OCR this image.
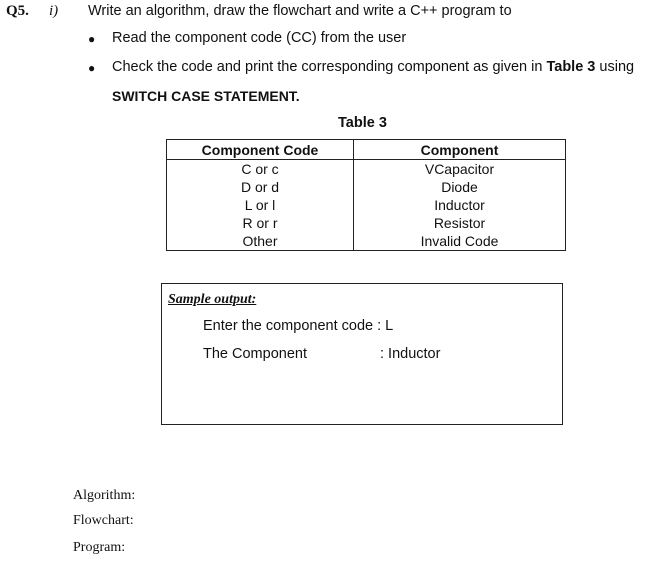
Q5. i) Write an algorithm, draw the flowchart and write a C++ program to
● Read the component code (CC) from the user
● Check the code and print the corresponding component as given in Table 3 using
SWITCH CASE STATEMENT.
Table 3
Component Code	Component
C or c	VCapacitor
D or d	Diode
L or l	Inductor
R or r	Resistor
Other	Invalid Code
Sample output:
Enter the component code : L
The Component	: Inductor
Algorithm:
Flowchart:
Program:
